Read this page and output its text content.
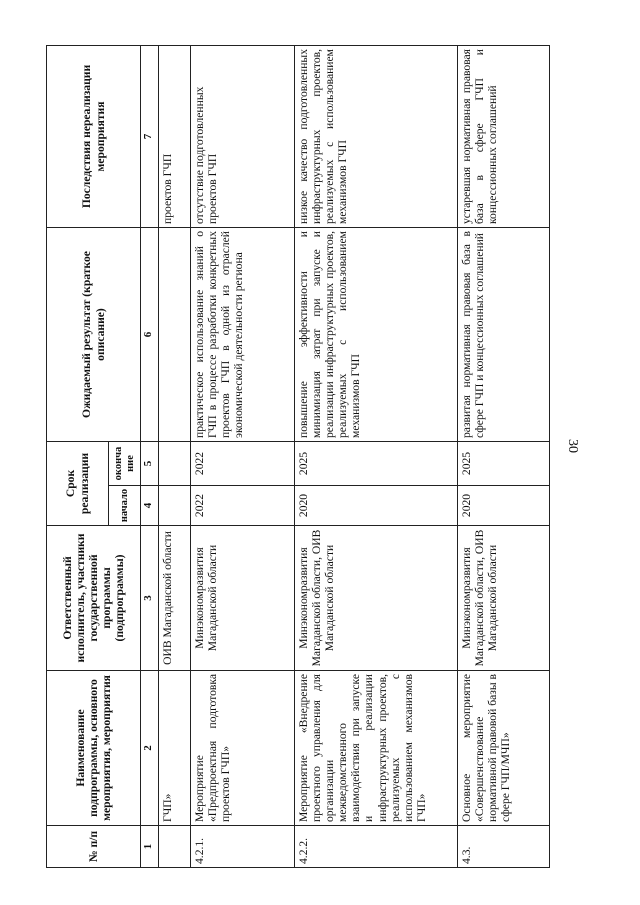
30
№ п/п	Наименование подпрограммы, основного мероприятия, мероприятия	Ответственный исполнитель, участники государственной программы (подпрограммы)	Срок реализации		Ожидаемый результат (краткое описание)	Последствия нереализации мероприятия
			начало	оконча ние		
1	2	3	4	5	6	7
	ГЧП»	ОИВ Магаданской области				проектов ГЧП
4.2.1.	Мероприятие «Предпроектная подготовка проектов ГЧП»	Минэкономразвития Магаданской области	2022	2022	практическое использование знаний о ГЧП в процессе разработки конкретных проектов ГЧП в одной из отраслей экономической деятельности региона	отсутствие подготовленных проектов ГЧП
4.2.2.	Мероприятие «Внедрение проектного управления для организации межведомственного взаимодействия при запуске и реализации инфраструктурных проектов, реализуемых с использованием механизмов ГЧП»	Минэкономразвития Магаданской области, ОИВ Магаданской области	2020	2025	повышение эффективности и минимизация затрат при запуске и реализации инфраструктурных проектов, реализуемых с использованием механизмов ГЧП	низкое качество подготовленных инфраструктурных проектов, реализуемых с использованием механизмов ГЧП
4.3.	Основное мероприятие «Совершенствование нормативной правовой базы в сфере ГЧП/МЧП»	Минэкономразвития Магаданской области, ОИВ Магаданской области	2020	2025	развитая нормативная правовая база в сфере ГЧП и концессионных соглашений	устаревшая нормативная правовая база в сфере ГЧП и концессионных соглашений
